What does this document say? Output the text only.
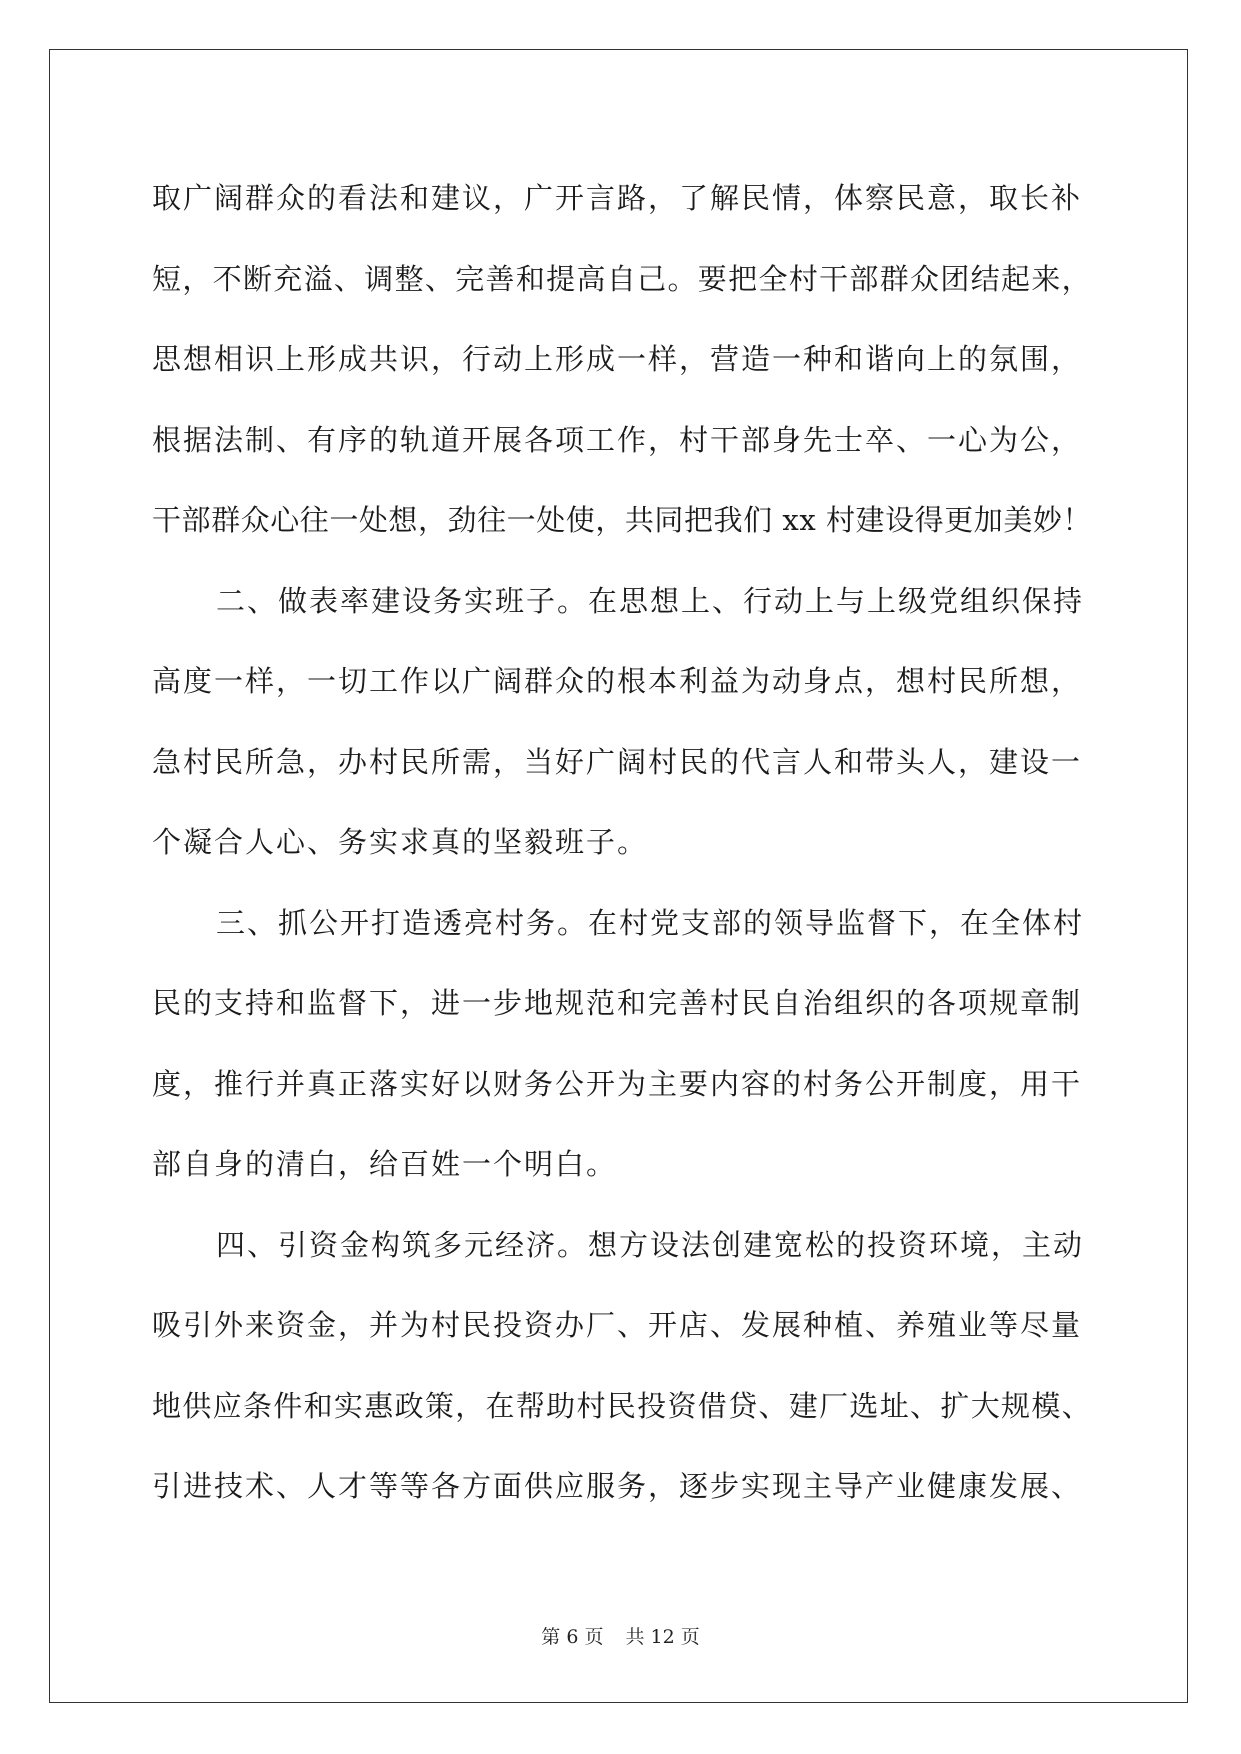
取广阔群众的看法和建议，广开言路，了解民情，体察民意，取长补
短，不断充溢、调整、完善和提高自己。要把全村干部群众团结起来，
思想相识上形成共识，行动上形成一样，营造一种和谐向上的氛围，
根据法制、有序的轨道开展各项工作，村干部身先士卒、一心为公，
干部群众心往一处想，劲往一处使，共同把我们 xx 村建设得更加美妙！
二、做表率建设务实班子。在思想上、行动上与上级党组织保持
高度一样，一切工作以广阔群众的根本利益为动身点，想村民所想，
急村民所急，办村民所需，当好广阔村民的代言人和带头人，建设一
个凝合人心、务实求真的坚毅班子。
三、抓公开打造透亮村务。在村党支部的领导监督下，在全体村
民的支持和监督下，进一步地规范和完善村民自治组织的各项规章制
度，推行并真正落实好以财务公开为主要内容的村务公开制度，用干
部自身的清白，给百姓一个明白。
四、引资金构筑多元经济。想方设法创建宽松的投资环境，主动
吸引外来资金，并为村民投资办厂、开店、发展种植、养殖业等尽量
地供应条件和实惠政策，在帮助村民投资借贷、建厂选址、扩大规模、
引进技术、人才等等各方面供应服务，逐步实现主导产业健康发展、
第 6 页 共 12 页
